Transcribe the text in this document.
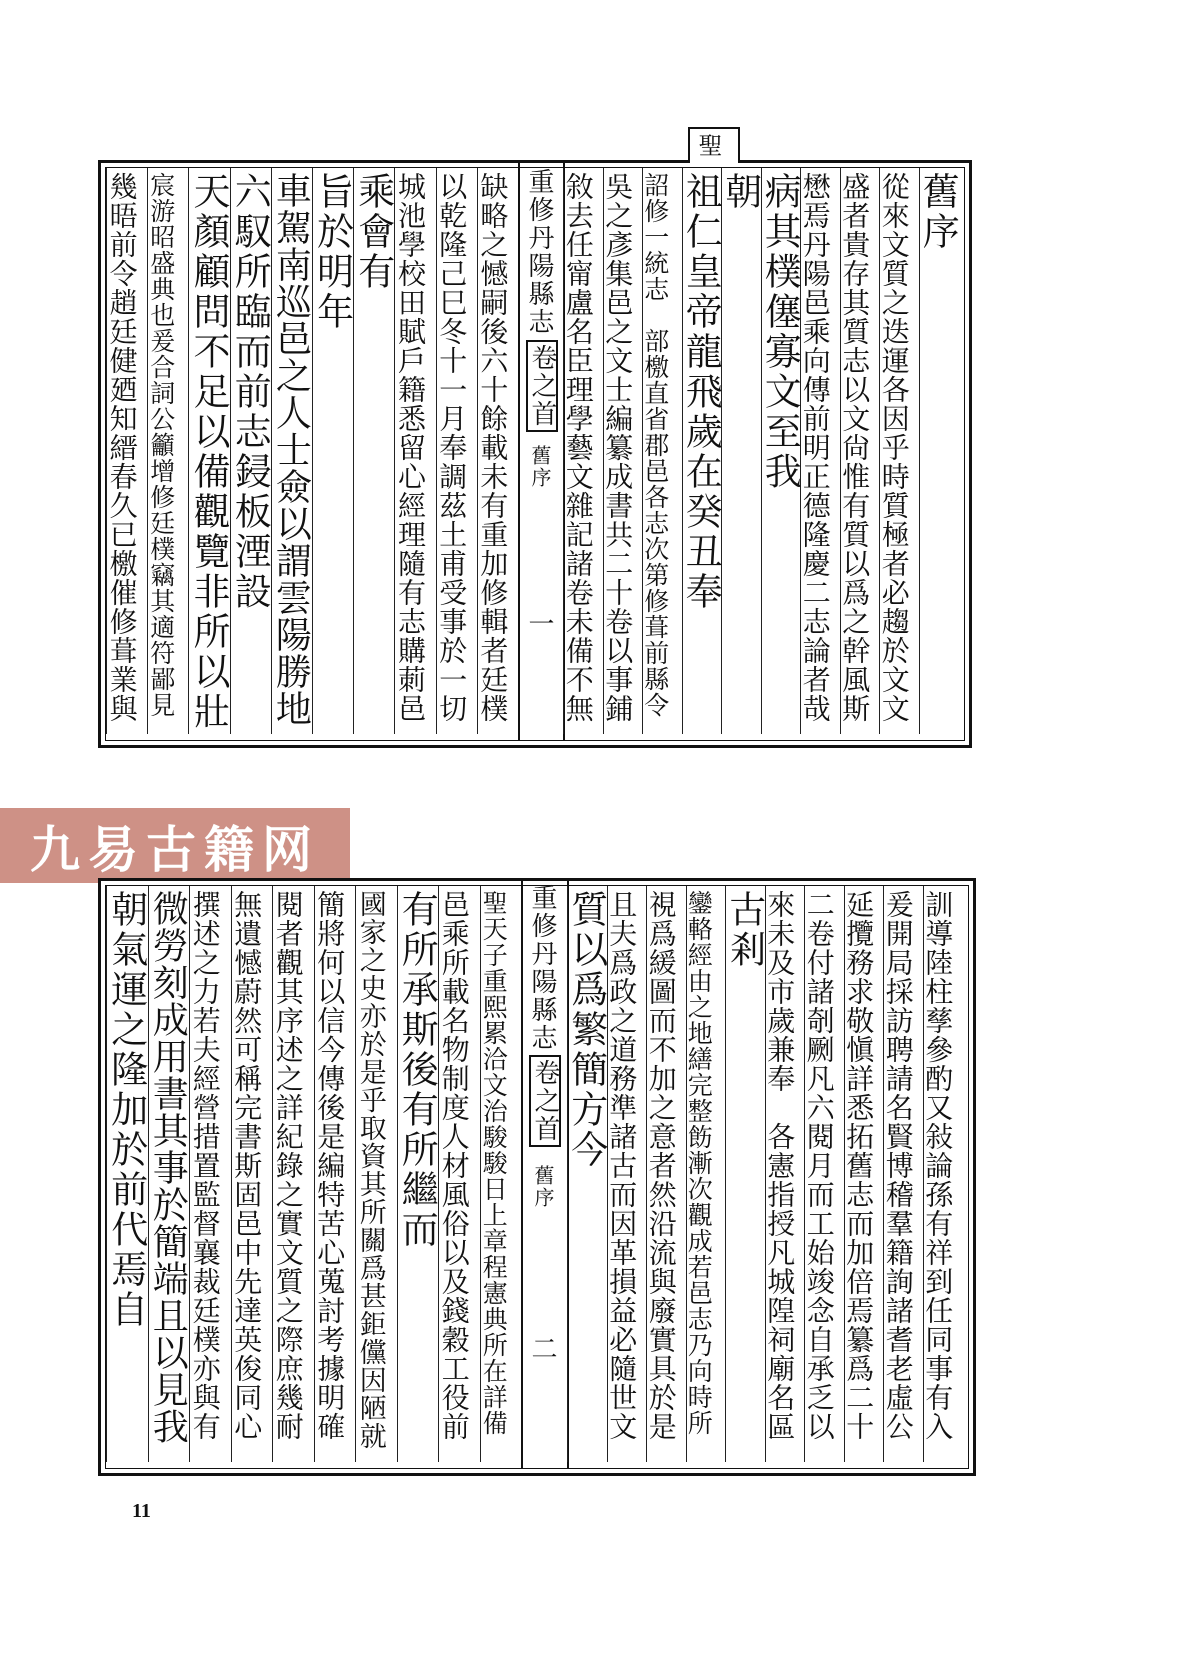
九易古籍网
聖
重修丹陽縣志
卷之首
舊序
一
舊序
從來文質之迭運各因乎時質極者必趨於文文
盛者貴存其質志以文尙惟有質以爲之幹風斯
懋焉丹陽邑乘向傳前明正德隆慶二志論者哉
病其樸僿寡文至我
朝
祖仁皇帝龍飛歲在癸丑奉
詔修一統志　部檄直省郡邑各志次第修葺前縣令
吳之彥集邑之文士編纂成書共二十卷以事鋪
敘去任甯盧名臣理學藝文雜記諸卷未備不無
缺略之憾嗣後六十餘載未有重加修輯者廷樸
以乾隆己巳冬十一月奉調茲土甫受事於一切
城池學校田賦戶籍悉留心經理隨有志購莿邑
乘會有
旨於明年
車駕南巡邑之人士僉以謂雲陽勝地
六馭所臨而前志鋟板湮設
天顏顧問不足以備觀覽非所以壯
宸游昭盛典也爰合詞公籲增修廷樸竊其適符鄙見
幾晤前令趙廷健廼知縉春久已檄催修葺業與
重修丹陽縣志
卷之首
舊序
二	訓導陸柱孳參酌又敍論孫有祥到任同事有入
爰開局採訪聘請名賢博稽羣籍詢諸耆老虛公
延攬務求敬愼詳悉拓舊志而加倍焉纂爲二十
二卷付諸剞劂凡六閱月而工始竣念自承乏以
來未及市歲兼奉　各憲指授凡城隍祠廟名區
古剎
鑾輅經由之地繕完整飭漸次觀成若邑志乃向時所
視爲緩圖而不加之意者然沿流與廢實具於是
且夫爲政之道務準諸古而因革損益必隨世文
質以爲繁簡方今
聖天子重熙累洽文治駿駿日上章程憲典所在詳備
邑乘所載名物制度人材風俗以及錢穀工役前
有所承斯後有所繼而
國家之史亦於是乎取資其所關爲甚鉅儻因陋就
簡將何以信今傳後是編特苦心蒐討考據明確
閱者觀其序述之詳紀錄之實文質之際庶幾耐
無遺憾蔚然可稱完書斯固邑中先達英俊同心
撰述之力若夫經營措置監督襄裁廷樸亦與有
微勞刻成用書其事於簡端且以見我
朝氣運之隆加於前代焉自
11
